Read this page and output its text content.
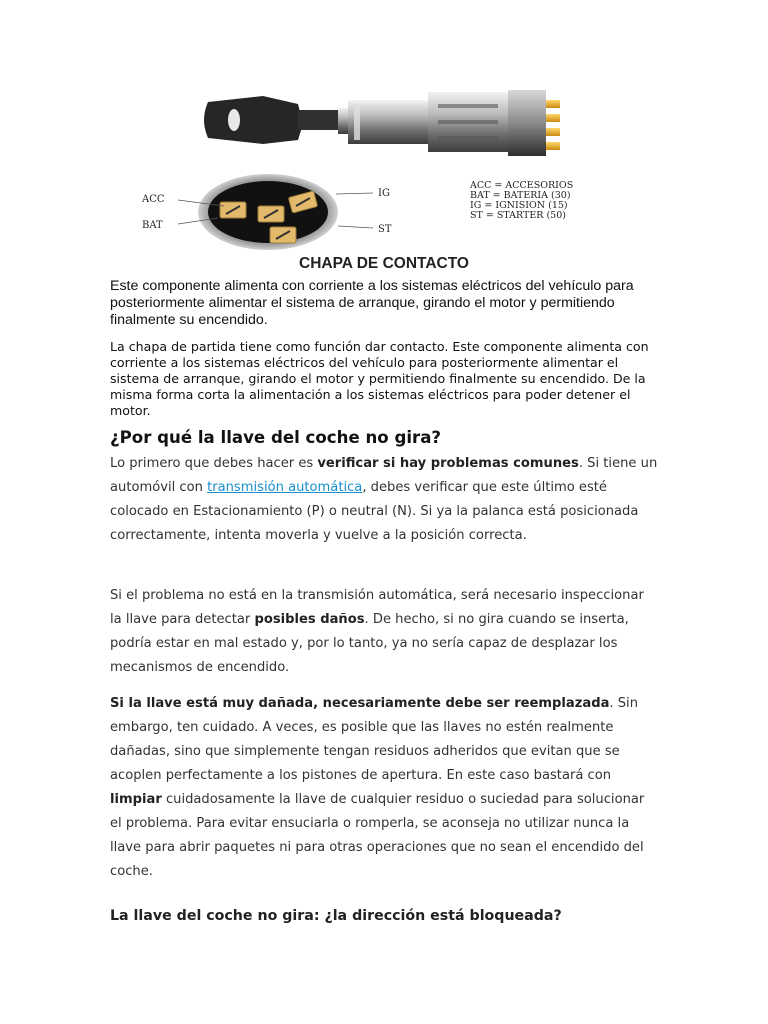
ACC
BAT
IG
ST
ACC = ACCESORIOS
BAT = BATERIA (30)
IG = IGNISION (15)
ST = STARTER (50)
CHAPA DE CONTACTO
Este componente alimenta con corriente a los sistemas eléctricos del vehículo para posteriormente alimentar el sistema de arranque, girando el motor y permitiendo finalmente su encendido.
La chapa de partida tiene como función dar contacto. Este componente alimenta con corriente a los sistemas eléctricos del vehículo para posteriormente alimentar el sistema de arranque, girando el motor y permitiendo finalmente su encendido. De la misma forma corta la alimentación a los sistemas eléctricos para poder detener el motor.
¿Por qué la llave del coche no gira?

Lo primero que debes hacer es verificar si hay problemas comunes. Si tiene un automóvil con transmisión automática, debes verificar que este último esté colocado en Estacionamiento (P) o neutral (N). Si ya la palanca está posicionada correctamente, intenta moverla y vuelve a la posición correcta.

Si el problema no está en la transmisión automática, será necesario inspeccionar la llave para detectar posibles daños. De hecho, si no gira cuando se inserta, podría estar en mal estado y, por lo tanto, ya no sería capaz de desplazar los mecanismos de encendido.

Si la llave está muy dañada, necesariamente debe ser reemplazada. Sin embargo, ten cuidado. A veces, es posible que las llaves no estén realmente dañadas, sino que simplemente tengan residuos adheridos que evitan que se acoplen perfectamente a los pistones de apertura. En este caso bastará con limpiar cuidadosamente la llave de cualquier residuo o suciedad para solucionar el problema. Para evitar ensuciarla o romperla, se aconseja no utilizar nunca la llave para abrir paquetes ni para otras operaciones que no sean el encendido del coche.

La llave del coche no gira: ¿la dirección está bloqueada?
